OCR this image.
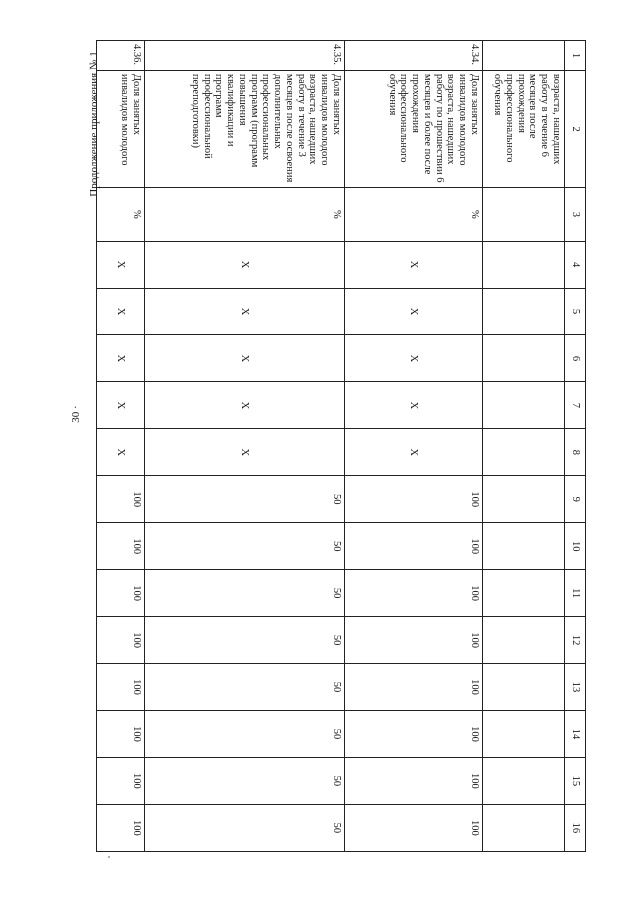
30 ·
Продолжение приложения № 1	1	2	3	4	5	6	7	8	9	10	11	12	13	14	15	16
	возраста, нашедших работу в течение 6 месяцев после прохождения профессионального обучения														
4.34.	Доля занятых инвалидов молодого возраста, нашедших работу по прошествии 6 месяцев и более после прохождения профессионального обучения	%	X	X	X	X	X	100	100	100	100	100	100	100	100
4.35.	Доля занятых инвалидов молодого возраста, нашедших работу в течение 3 месяцев после освоения дополнительных профессиональных программ (программ повышения квалификации и программ профессиональной переподготовки)	%	X	X	X	X	X	50	50	50	50	50	50	50	50
4.36.	Доля занятых инвалидов молодого	%	X	X	X	X	X	100	100	100	100	100	100	100	100
